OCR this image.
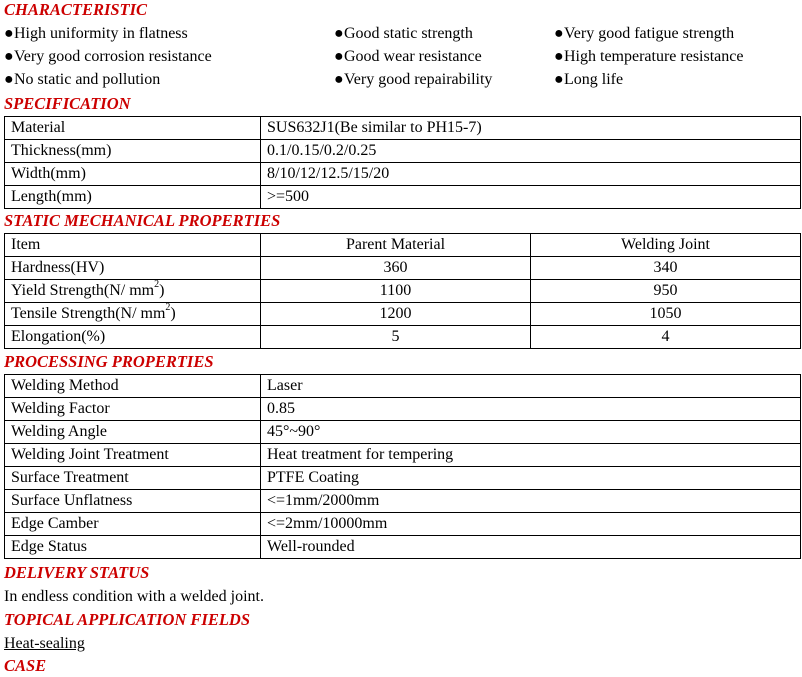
CHARACTERISTIC
●High uniformity in flatness	●Good static strength	●Very good fatigue strength
●Very good corrosion resistance	●Good wear resistance	●High temperature resistance
●No static and pollution	●Very good repairability	●Long life
SPECIFICATION
Material	SUS632J1(Be similar to PH15-7)
Thickness(mm)	0.1/0.15/0.2/0.25
Width(mm)	8/10/12/12.5/15/20
Length(mm)	>=500
STATIC MECHANICAL PROPERTIES
Item	Parent Material	Welding Joint
Hardness(HV)	360	340
Yield Strength(N/ $mm^2$)	1100	950
Tensile Strength(N/ $mm^2$)	1200	1050
Elongation(%)	5	4
PROCESSING PROPERTIES
Welding Method	Laser
Welding Factor	0.85
Welding Angle	45°~90°
Welding Joint Treatment	Heat treatment for tempering
Surface Treatment	PTFE Coating
Surface Unflatness	<=1mm/2000mm
Edge Camber	<=2mm/10000mm
Edge Status	Well-rounded
DELIVERY STATUS
In endless condition with a welded joint.
TOPICAL APPLICATION FIELDS
Heat-sealing
CASE
